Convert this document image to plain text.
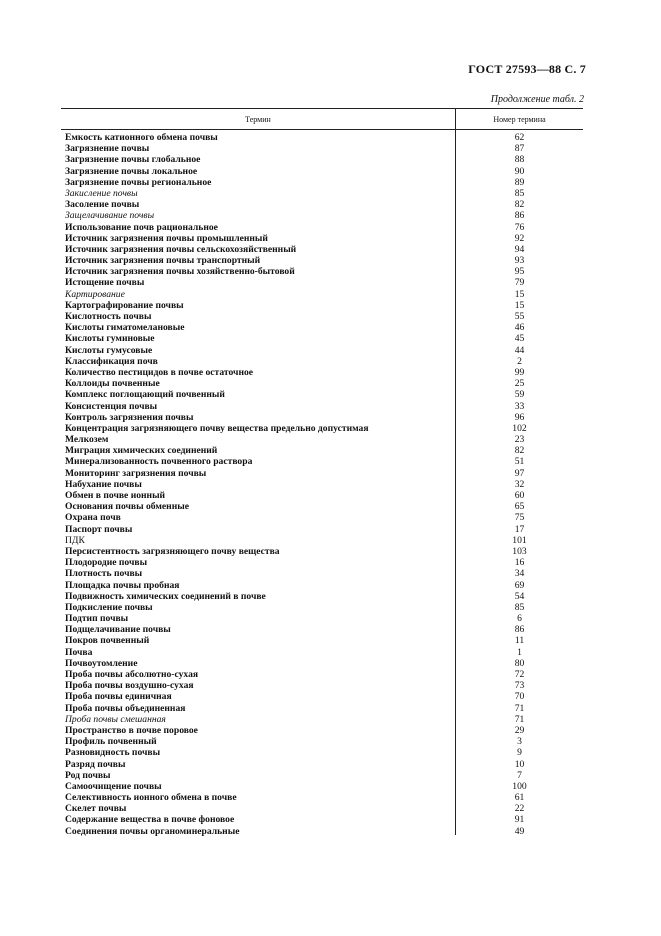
ГОСТ 27593—88 С. 7
Продолжение табл. 2
Термин	Номер термина
Емкость катионного обмена почвы	62
Загрязнение почвы	87
Загрязнение почвы глобальное	88
Загрязнение почвы локальное	90
Загрязнение почвы региональное	89
Закисление почвы	85
Засоление почвы	82
Защелачивание почвы	86
Использование почв рациональное	76
Источник загрязнения почвы промышленный	92
Источник загрязнения почвы сельскохозяйственный	94
Источник загрязнения почвы транспортный	93
Источник загрязнения почвы хозяйственно-бытовой	95
Истощение почвы	79
Картирование	15
Картографирование почвы	15
Кислотность почвы	55
Кислоты гиматомелановые	46
Кислоты гуминовые	45
Кислоты гумусовые	44
Классификация почв	2
Количество пестицидов в почве остаточное	99
Коллоиды почвенные	25
Комплекс поглощающий почвенный	59
Консистенция почвы	33
Контроль загрязнения почвы	96
Концентрация загрязняющего почву вещества предельно допустимая	102
Мелкозем	23
Миграция химических соединений	82
Минерализованность почвенного раствора	51
Мониторинг загрязнения почвы	97
Набухание почвы	32
Обмен в почве ионный	60
Основания почвы обменные	65
Охрана почв	75
Паспорт почвы	17
ПДК	101
Персистентность загрязняющего почву вещества	103
Плодородие почвы	16
Плотность почвы	34
Площадка почвы пробная	69
Подвижность химических соединений в почве	54
Подкисление почвы	85
Подтип почвы	6
Подщелачивание почвы	86
Покров почвенный	11
Почва	1
Почвоутомление	80
Проба почвы абсолютно-сухая	72
Проба почвы воздушно-сухая	73
Проба почвы единичная	70
Проба почвы объединенная	71
Проба почвы смешанная	71
Пространство в почве поровое	29
Профиль почвенный	3
Разновидность почвы	9
Разряд почвы	10
Род почвы	7
Самоочищение почвы	100
Селективность ионного обмена в почве	61
Скелет почвы	22
Содержание вещества в почве фоновое	91
Соединения почвы органоминеральные	49
